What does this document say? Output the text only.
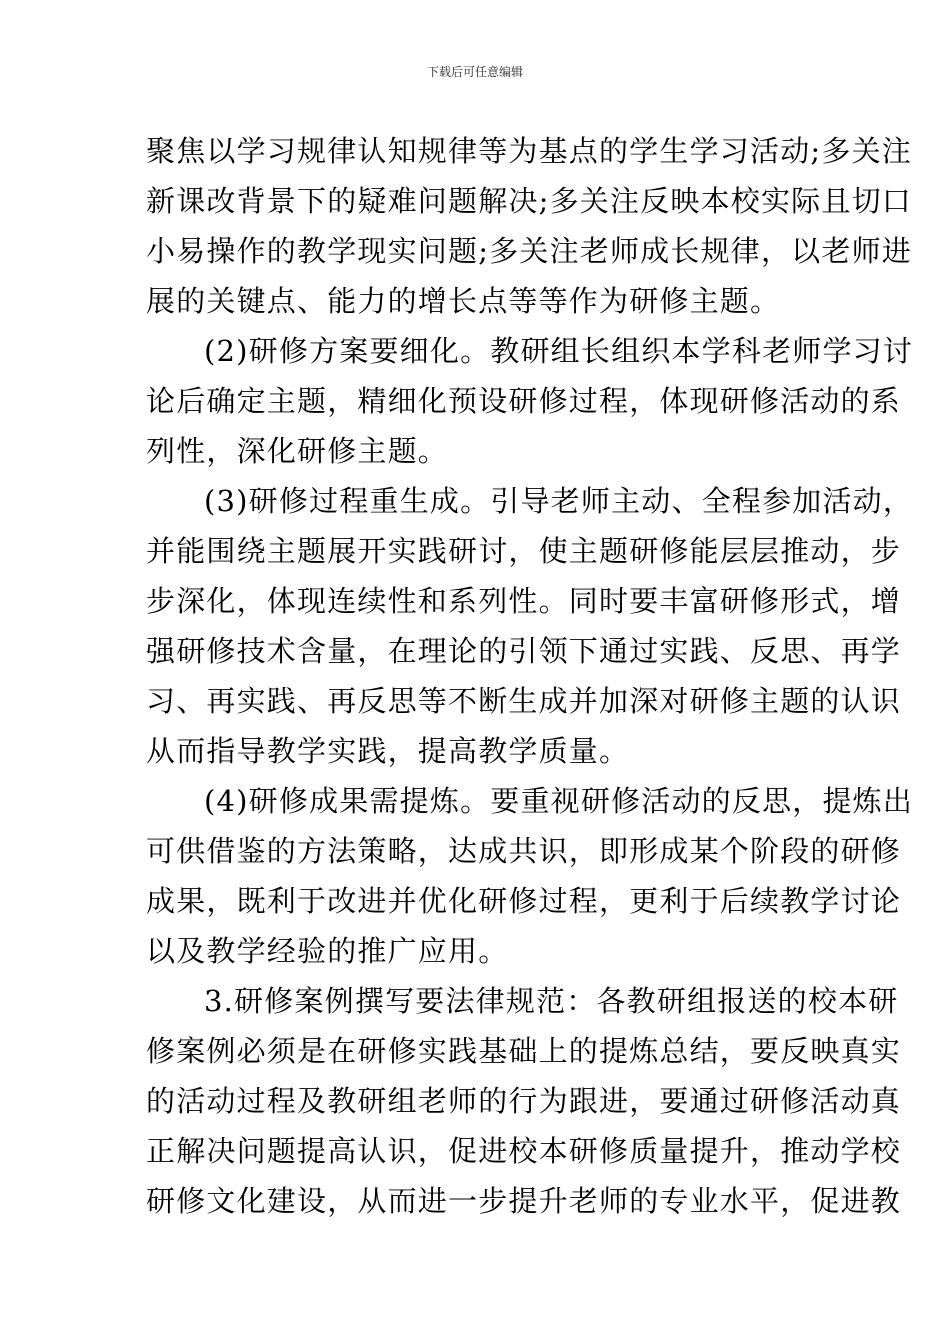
下载后可任意编辑
聚焦以学习规律认知规律等为基点的学生学习活动;多关注
新课改背景下的疑难问题解决;多关注反映本校实际且切口
小易操作的教学现实问题;多关注老师成长规律，以老师进
展的关键点、能力的增长点等等作为研修主题。
(2)研修方案要细化。教研组长组织本学科老师学习讨
论后确定主题，精细化预设研修过程，体现研修活动的系
列性，深化研修主题。
(3)研修过程重生成。引导老师主动、全程参加活动，
并能围绕主题展开实践研讨，使主题研修能层层推动，步
步深化，体现连续性和系列性。同时要丰富研修形式，增
强研修技术含量，在理论的引领下通过实践、反思、再学
习、再实践、再反思等不断生成并加深对研修主题的认识
从而指导教学实践，提高教学质量。
(4)研修成果需提炼。要重视研修活动的反思，提炼出
可供借鉴的方法策略，达成共识，即形成某个阶段的研修
成果，既利于改进并优化研修过程，更利于后续教学讨论
以及教学经验的推广应用。
3.研修案例撰写要法律规范：各教研组报送的校本研
修案例必须是在研修实践基础上的提炼总结，要反映真实
的活动过程及教研组老师的行为跟进，要通过研修活动真
正解决问题提高认识，促进校本研修质量提升，推动学校
研修文化建设，从而进一步提升老师的专业水平，促进教
